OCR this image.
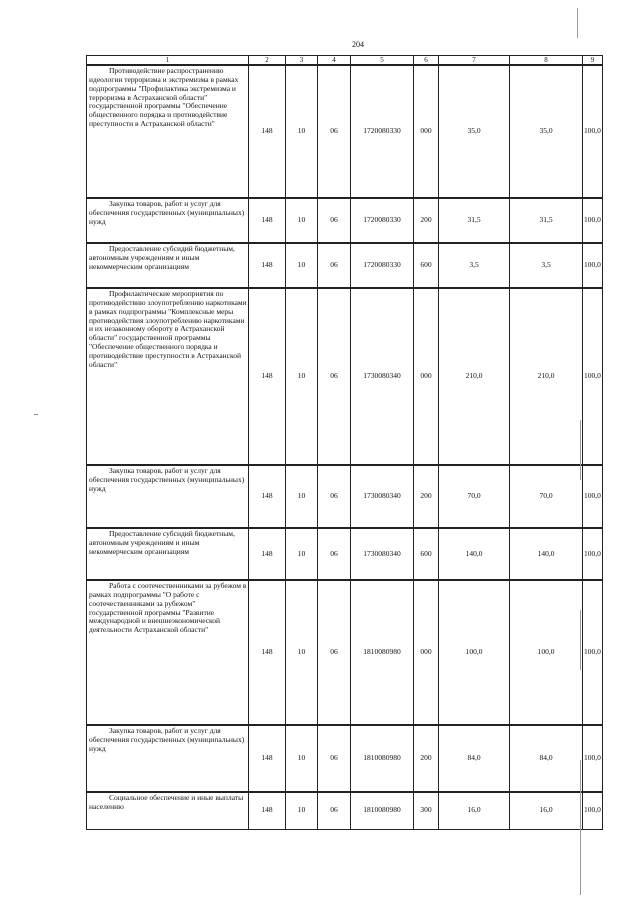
204
1	2	3	4	5	6	7	8	9
Противодействие распространению идеологии терроризма и экстремизма в рамках подпрограммы "Профилактика экстремизма и терроризма в Астраханской области" государственной программы "Обеспечение общественного порядка и противодействие преступности в Астраханской области"	148	10	06	1720080330	000	35,0	35,0	100,0
Закупка товаров, работ и услуг для обеспечения государственных (муниципальных) нужд	148	10	06	1720080330	200	31,5	31,5	100,0
Предоставление субсидий бюджетным, автономным учреждениям и иным некоммерческим организациям	148	10	06	1720080330	600	3,5	3,5	100,0
Профилактические мероприятия по противодействию злоупотреблению наркотиками в рамках подпрограммы "Комплексные меры противодействия злоупотреблению наркотиками и их незаконному обороту в Астраханской области" государственной программы "Обеспечение общественного порядка и противодействие преступности в Астраханской области"	148	10	06	1730080340	000	210,0	210,0	100,0
Закупка товаров, работ и услуг для обеспечения государственных (муниципальных) нужд	148	10	06	1730080340	200	70,0	70,0	100,0
Предоставление субсидий бюджетным, автономным учреждениям и иным некоммерческим организациям	148	10	06	1730080340	600	140,0	140,0	100,0
Работа с соотечественниками за рубежом в рамках подпрограммы "О работе с соотечественниками за рубежом" государственной программы "Развитие международной и внешнеэкономической деятельности Астраханской области"	148	10	06	1810080980	000	100,0	100,0	100,0
Закупка товаров, работ и услуг для обеспечения государственных (муниципальных) нужд	148	10	06	1810080980	200	84,0	84,0	100,0
Социальное обеспечение и иные выплаты населению	148	10	06	1810080980	300	16,0	16,0	100,0
